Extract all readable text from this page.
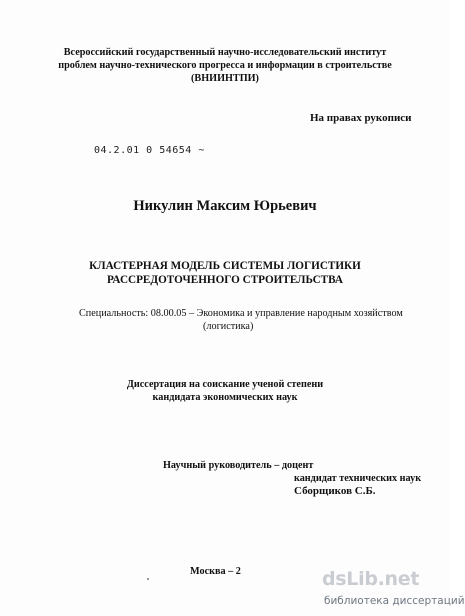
Всероссийский государственный научно-исследовательский институт
проблем научно-технического прогресса и информации в строительстве
(ВНИИНТПИ)
На правах рукописи
04.2.01 0 54654 ~
Никулин Максим Юрьевич
КЛАСТЕРНАЯ МОДЕЛЬ СИСТЕМЫ ЛОГИСТИКИ
РАССРЕДОТОЧЕННОГО СТРОИТЕЛЬСТВА
Специальность: 08.00.05 – Экономика и управление народным хозяйством
(логистика)
Диссертация на соискание ученой степени
кандидата экономических наук
Научный руководитель – доцент
кандидат технических наук
Сборщиков С.Б.
Москва – 2	dsLib.net
библиотека диссертаций
